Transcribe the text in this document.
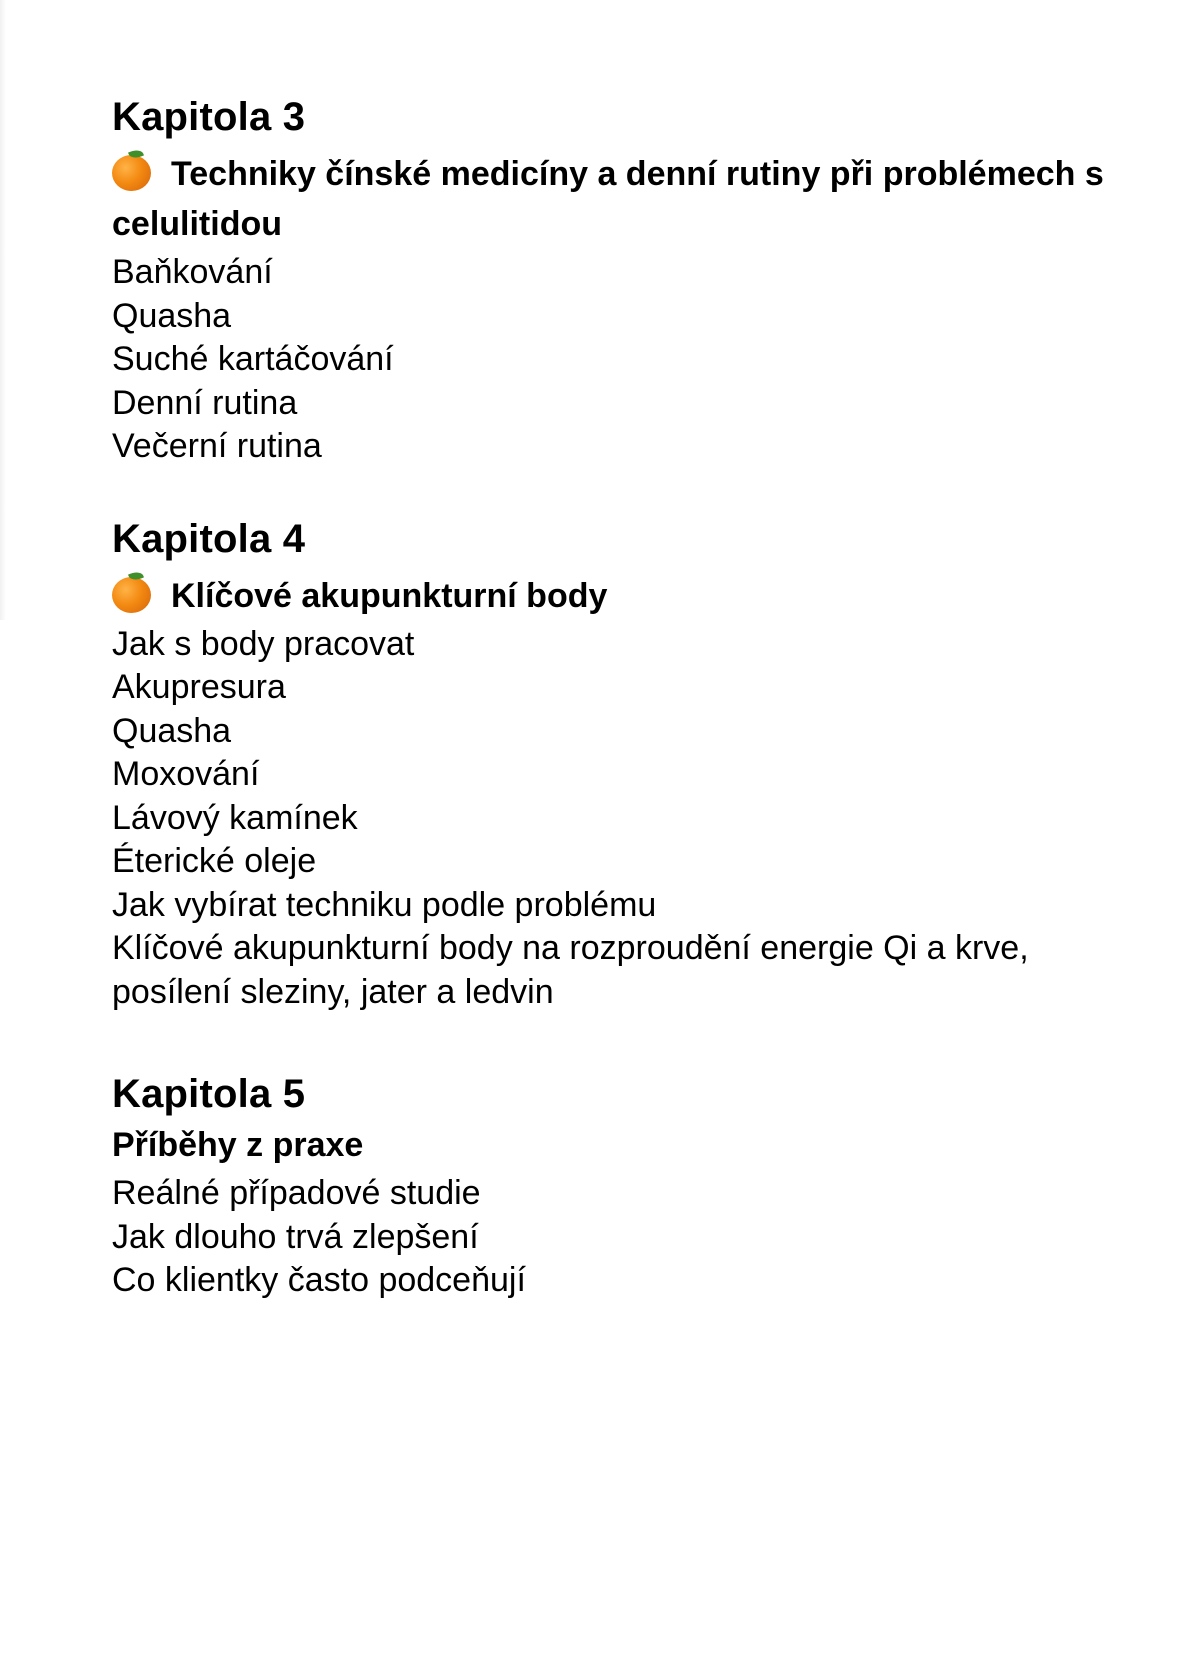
Kapitola 3
Techniky čínské medicíny a denní rutiny při problémech s celulitidou
Baňkování
Quasha
Suché kartáčování
Denní rutina
Večerní rutina
Kapitola 4
Klíčové akupunkturní body
Jak s body pracovat
Akupresura
Quasha
Moxování
Lávový kamínek
Éterické oleje
Jak vybírat techniku podle problému
Klíčové akupunkturní body na rozproudění energie Qi a krve, posílení sleziny, jater a ledvin
Kapitola 5
Příběhy z praxe
Reálné případové studie
Jak dlouho trvá zlepšení
Co klientky často podceňují
